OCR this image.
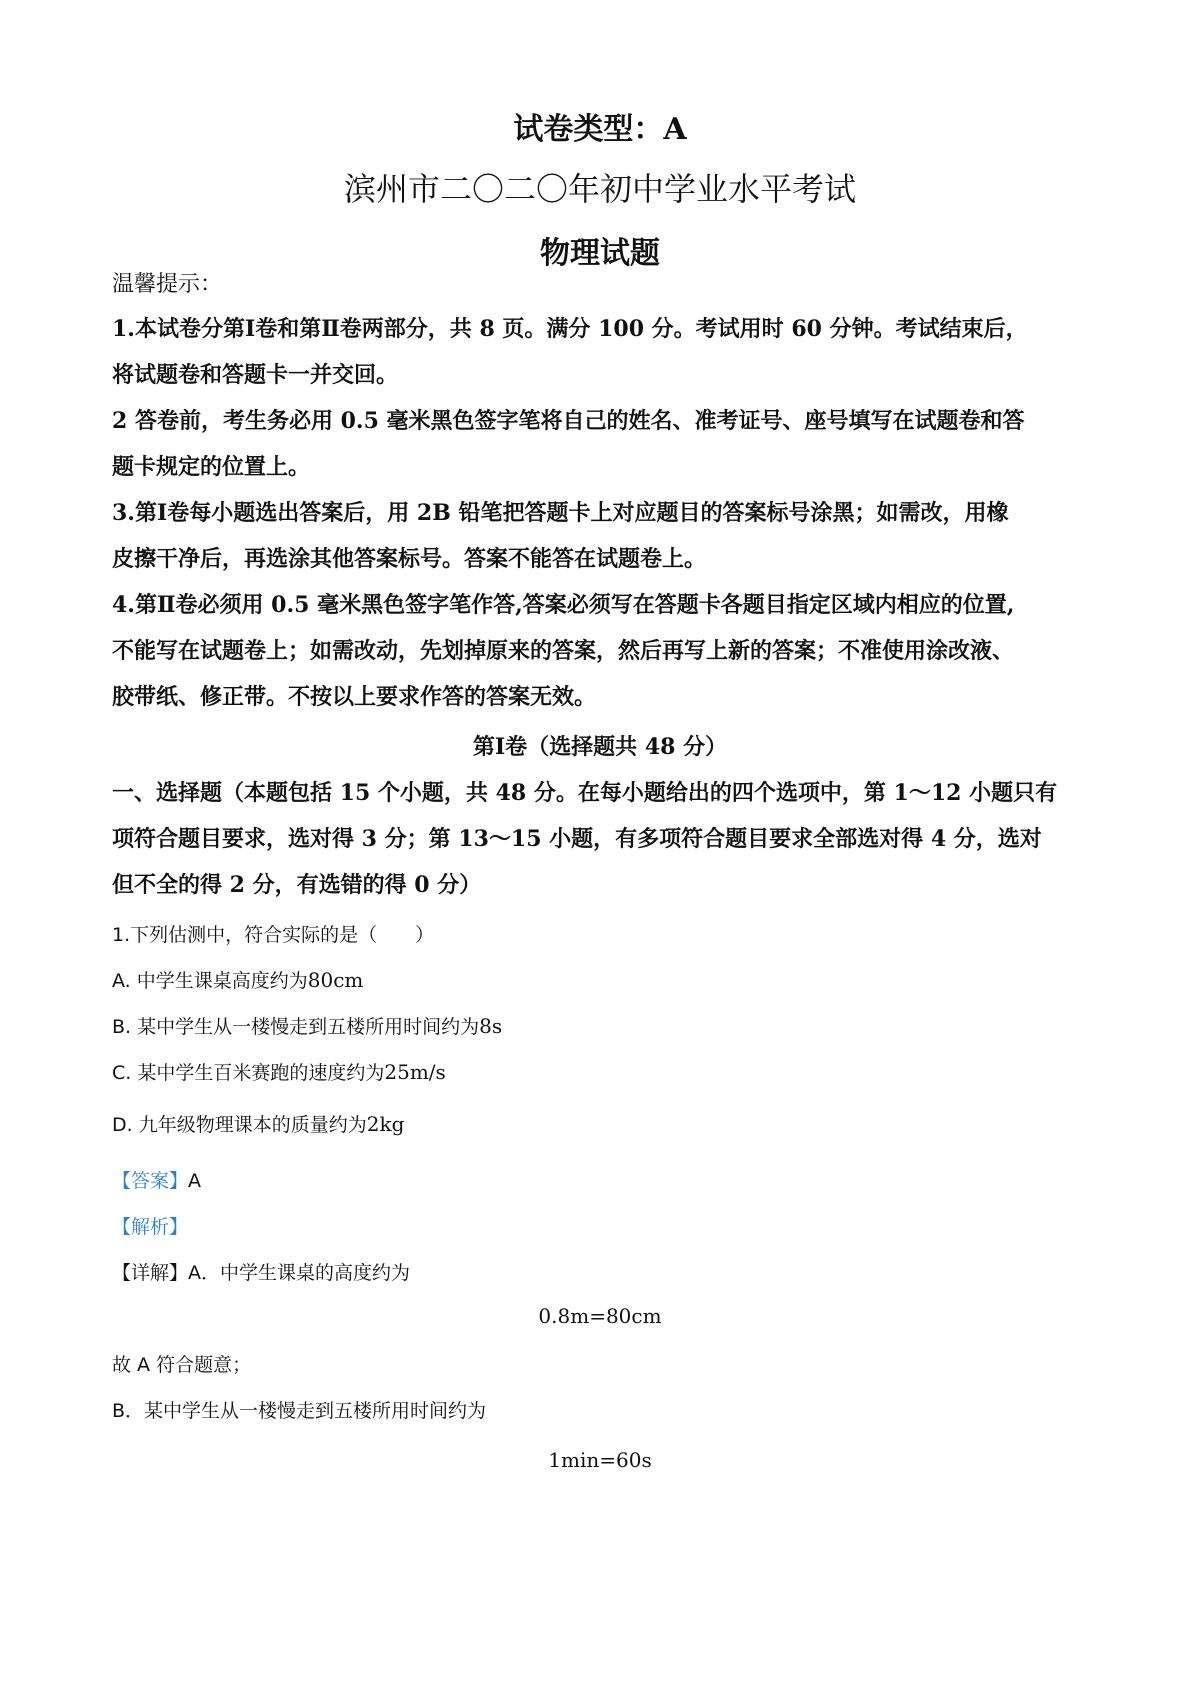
试卷类型：A
滨州市二〇二〇年初中学业水平考试
物理试题
温馨提示：
1.本试卷分第Ⅰ卷和第Ⅱ卷两部分，共 8 页。满分 100 分。考试用时 60 分钟。考试结束后，
将试题卷和答题卡一并交回。
2 答卷前，考生务必用 0.5 毫米黑色签字笔将自己的姓名、准考证号、座号填写在试题卷和答
题卡规定的位置上。
3.第Ⅰ卷每小题选出答案后，用 2B 铅笔把答题卡上对应题目的答案标号涂黑；如需改，用橡
皮擦干净后，再选涂其他答案标号。答案不能答在试题卷上。
4.第Ⅱ卷必须用 0.5 毫米黑色签字笔作答,答案必须写在答题卡各题目指定区域内相应的位置,
不能写在试题卷上；如需改动，先划掉原来的答案，然后再写上新的答案；不准使用涂改液、
胶带纸、修正带。不按以上要求作答的答案无效。
第Ⅰ卷（选择题共 48 分）
一、选择题（本题包括 15 个小题，共 48 分。在每小题给出的四个选项中，第 1～12 小题只有
项符合题目要求，选对得 3 分；第 13～15 小题，有多项符合题目要求全部选对得 4 分，选对
但不全的得 2 分，有选错的得 0 分）
1.下列估测中，符合实际的是（　　）
A. 中学生课桌高度约为80cm
B. 某中学生从一楼慢走到五楼所用时间约为8s
C. 某中学生百米赛跑的速度约为25m/s
D. 九年级物理课本的质量约为2kg
【答案】A
【解析】
【详解】A．中学生课桌的高度约为
0.8m=80cm
故 A 符合题意；
B．某中学生从一楼慢走到五楼所用时间约为
1min=60s
